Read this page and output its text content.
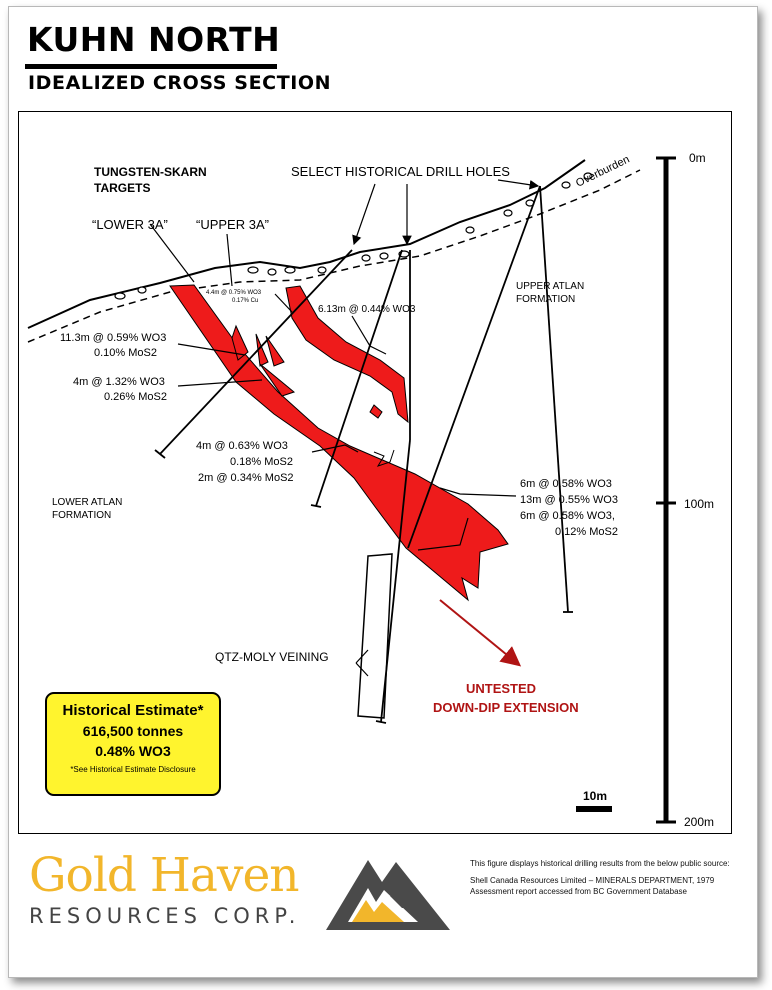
KUHN NORTH
IDEALIZED CROSS SECTION
TUNGSTEN-SKARN
TARGETS
“LOWER 3A” “UPPER 3A”
SELECT HISTORICAL DRILL HOLES	Overburden
UPPER ATLAN
FORMATION
LOWER ATLAN
FORMATION
QTZ-MOLY VEINING
UNTESTED
DOWN-DIP EXTENSION
4.4m @ 0.75% WO3
0.17% Cu
6.13m @ 0.44% WO3
11.3m @ 0.59% WO3
0.10% MoS2
4m @ 1.32% WO3
0.26% MoS2
4m @ 0.63% WO3
0.18% MoS2
2m @ 0.34% MoS2	6m @ 0.58% WO3
13m @ 0.55% WO3
6m @ 0.58% WO3,
0.12% MoS2
0m
100m
200m
Historical Estimate*
616,500 tonnes
0.48% WO3
*See Historical Estimate Disclosure
10m
Gold Haven
RESOURCES CORP.

This figure displays historical drilling results from the below public source:

Shell Canada Resources Limited – MINERALS DEPARTMENT, 1979

Assessment report accessed from BC Government Database
